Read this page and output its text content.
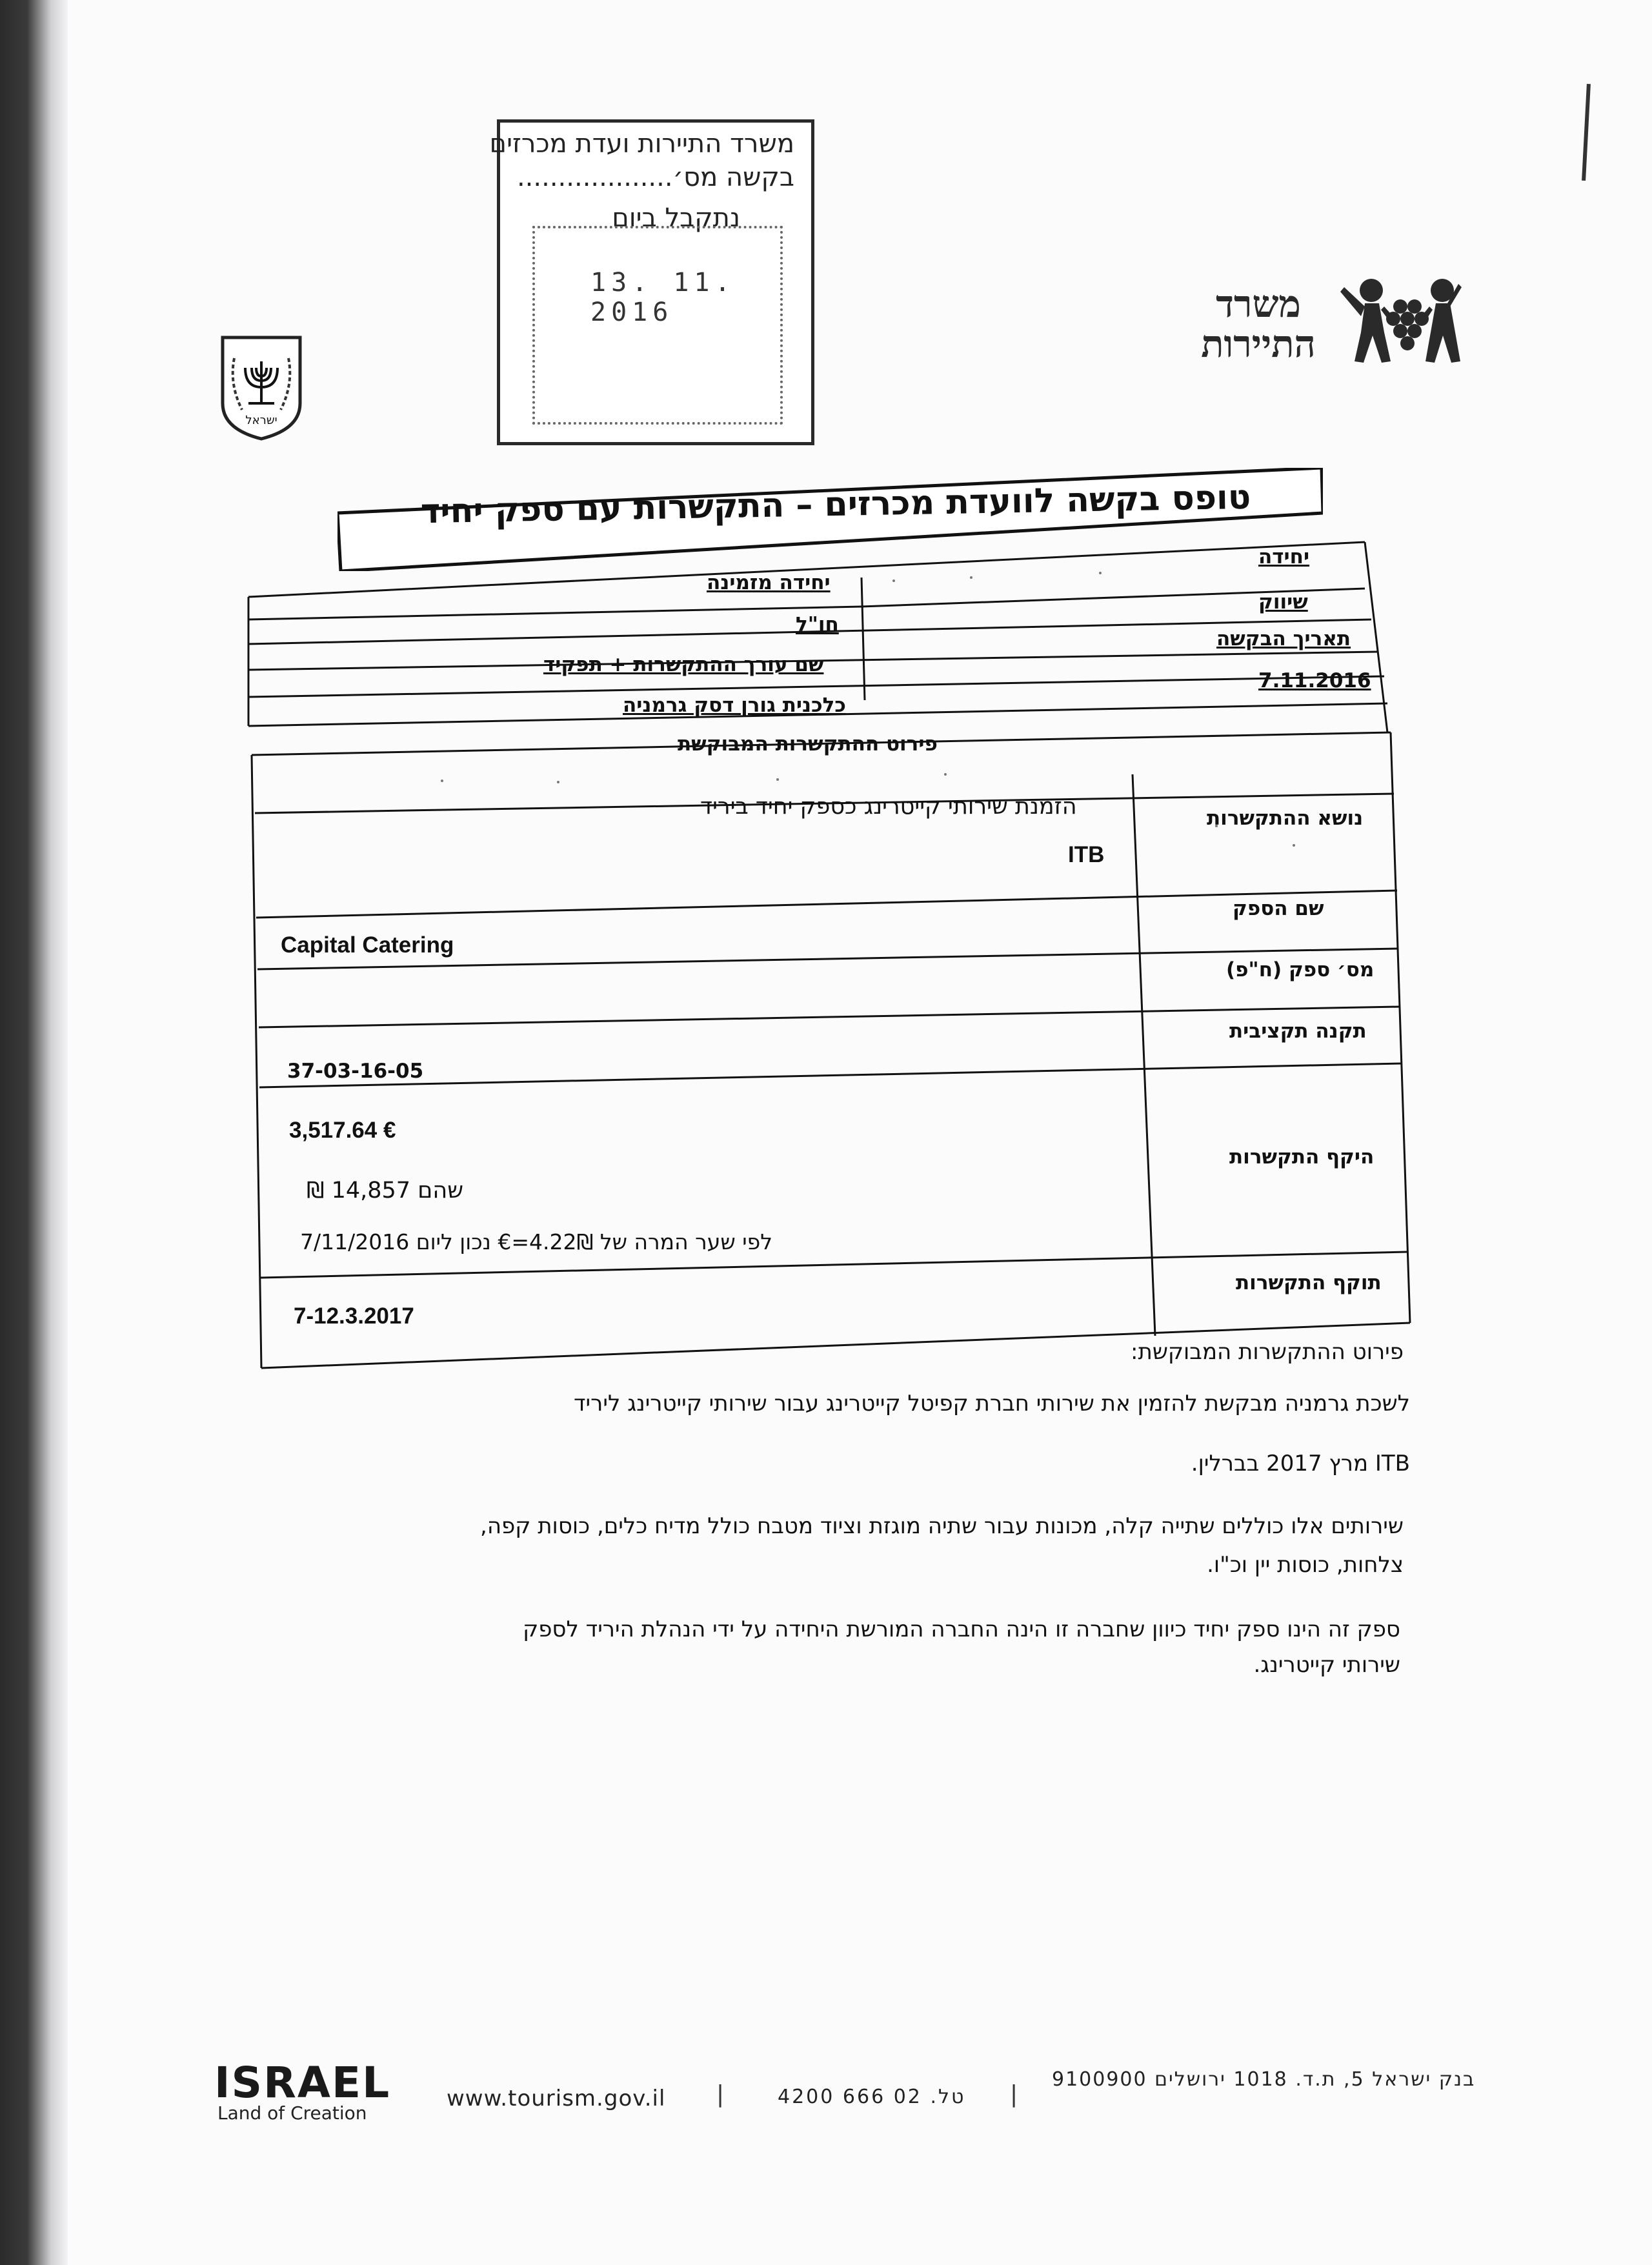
משרד התיירות ועדת מכרזים
בקשה מס׳...................
נתקבל ביום
13. 11. 2016
ישראל
משרד
התיירות
טופס בקשה לוועדת מכרזים – התקשרות עם ספק יחיד
יחידה
שיווק
תאריך הבקשה
7.11.2016
יחידה מזמינה
חו"ל
שם עורך ההתקשרות + תפקיד
כלכנית גורן דסק גרמניה
פירוט ההתקשרות המבוקשת
נושא ההתקשרות
הזמנת שירותי קייטרינג כספק יחיד ביריד
ITB
שם הספק
Capital Catering
מס׳ ספק (ח"פ)
תקנה תקציבית
37-03-16-05
היקף התקשרות
3,517.64 €
שהם 14,857 ₪
לפי שער המרה של 4.22₪=€ נכון ליום 7/11/2016
תוקף התקשרות
7-12.3.2017
פירוט ההתקשרות המבוקשת:
לשכת גרמניה מבקשת להזמין את שירותי חברת קפיטל קייטרינג עבור שירותי קייטרינג ליריד
ITB מרץ 2017 בברלין.
שירותים אלו כוללים שתייה קלה, מכונות עבור שתיה מוגזת וציוד מטבח כולל מדיח כלים, כוסות קפה,
צלחות, כוסות יין וכ"ו.
ספק זה הינו ספק יחיד כיוון שחברה זו הינה החברה המורשת היחידה על ידי הנהלת היריד לספק
שירותי קייטרינג.
ISRAEL
Land of Creation
www.tourism.gov.il |	טל. 02 666 4200 |
בנק ישראל 5, ת.ד. 1018 ירושלים 9100900
